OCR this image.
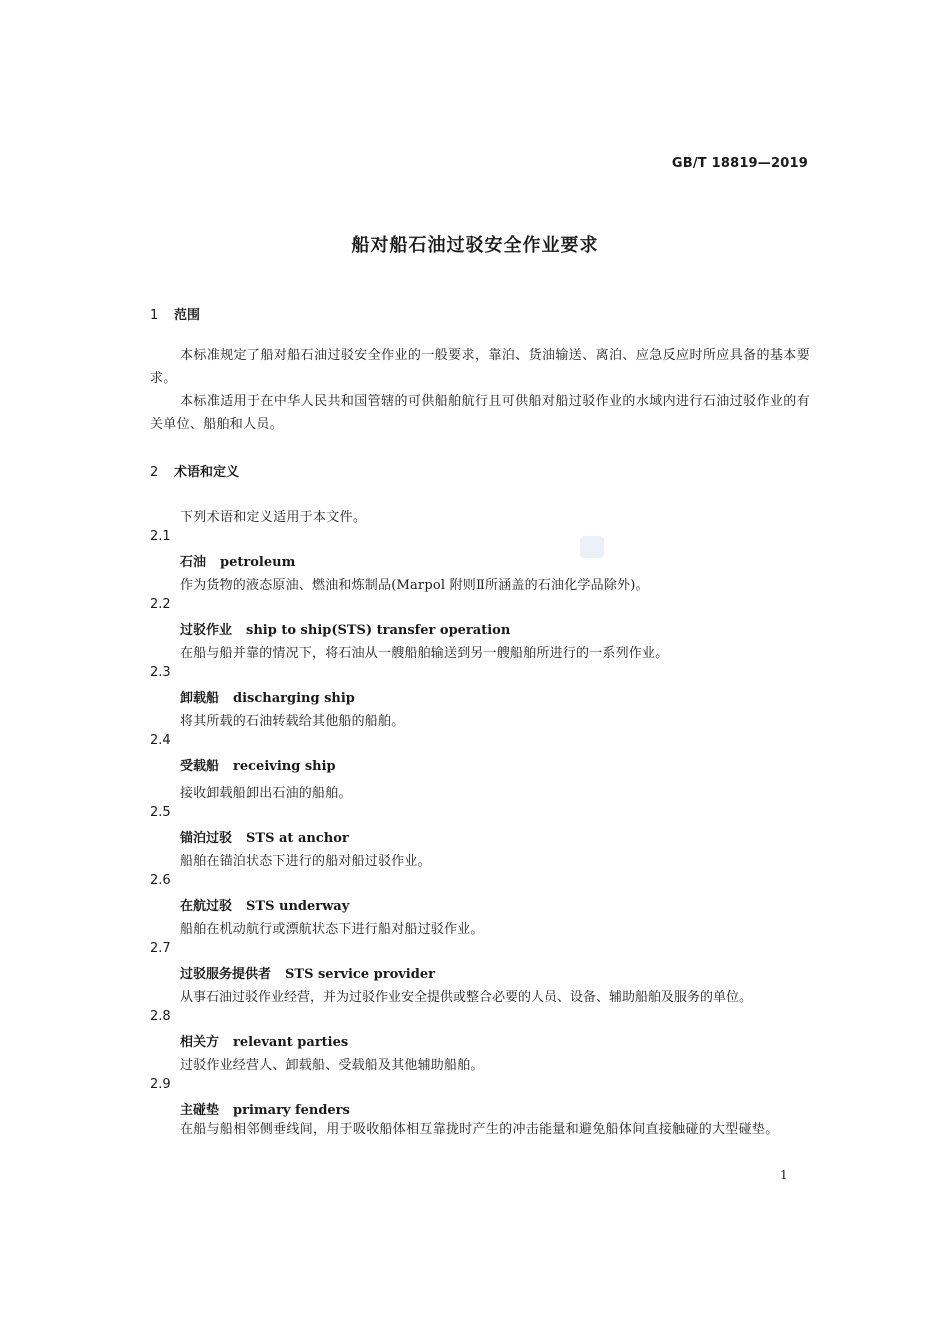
GB/T 18819—2019
船对船石油过驳安全作业要求
1 范围
本标准规定了船对船石油过驳安全作业的一般要求，靠泊、货油输送、离泊、应急反应时所应具备的基本要求。
本标准适用于在中华人民共和国管辖的可供船舶航行且可供船对船过驳作业的水域内进行石油过驳作业的有关单位、船舶和人员。
2 术语和定义
下列术语和定义适用于本文件。
2.1
石油 petroleum
作为货物的液态原油、燃油和炼制品(Marpol 附则Ⅱ所涵盖的石油化学品除外)。
2.2
过驳作业 ship to ship(STS) transfer operation
在船与船并靠的情况下，将石油从一艘船舶输送到另一艘船舶所进行的一系列作业。
2.3
卸载船 discharging ship
将其所载的石油转载给其他船的船舶。
2.4
受载船 receiving ship
接收卸载船卸出石油的船舶。
2.5
锚泊过驳 STS at anchor
船舶在锚泊状态下进行的船对船过驳作业。
2.6
在航过驳 STS underway
船舶在机动航行或漂航状态下进行船对船过驳作业。
2.7
过驳服务提供者 STS service provider
从事石油过驳作业经营，并为过驳作业安全提供或整合必要的人员、设备、辅助船舶及服务的单位。
2.8
相关方 relevant parties
过驳作业经营人、卸载船、受载船及其他辅助船舶。
2.9
主碰垫 primary fenders
在船与船相邻侧垂线间，用于吸收船体相互靠拢时产生的冲击能量和避免船体间直接触碰的大型碰垫。
1
